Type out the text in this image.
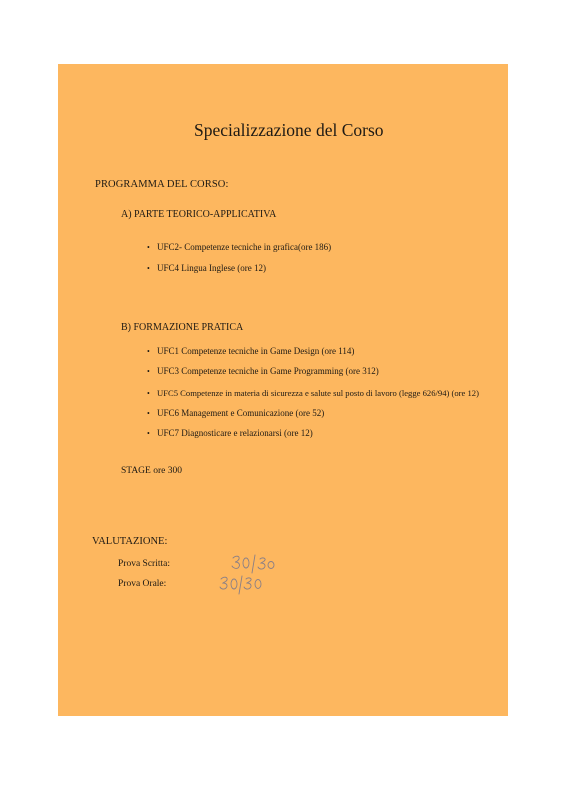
Specializzazione del Corso
PROGRAMMA DEL CORSO:
A) PARTE TEORICO-APPLICATIVA
• UFC2- Competenze tecniche in grafica(ore 186)
• UFC4 Lingua Inglese (ore 12)
B) FORMAZIONE PRATICA
• UFC1 Competenze tecniche in Game Design (ore 114)
• UFC3 Competenze tecniche in Game Programming (ore 312)
• UFC5 Competenze in materia di sicurezza e salute sul posto di lavoro (legge 626/94) (ore 12)
• UFC6 Management e Comunicazione (ore 52)
• UFC7 Diagnosticare e relazionarsi (ore 12)
STAGE ore 300
VALUTAZIONE:
Prova Scritta:
Prova Orale:
